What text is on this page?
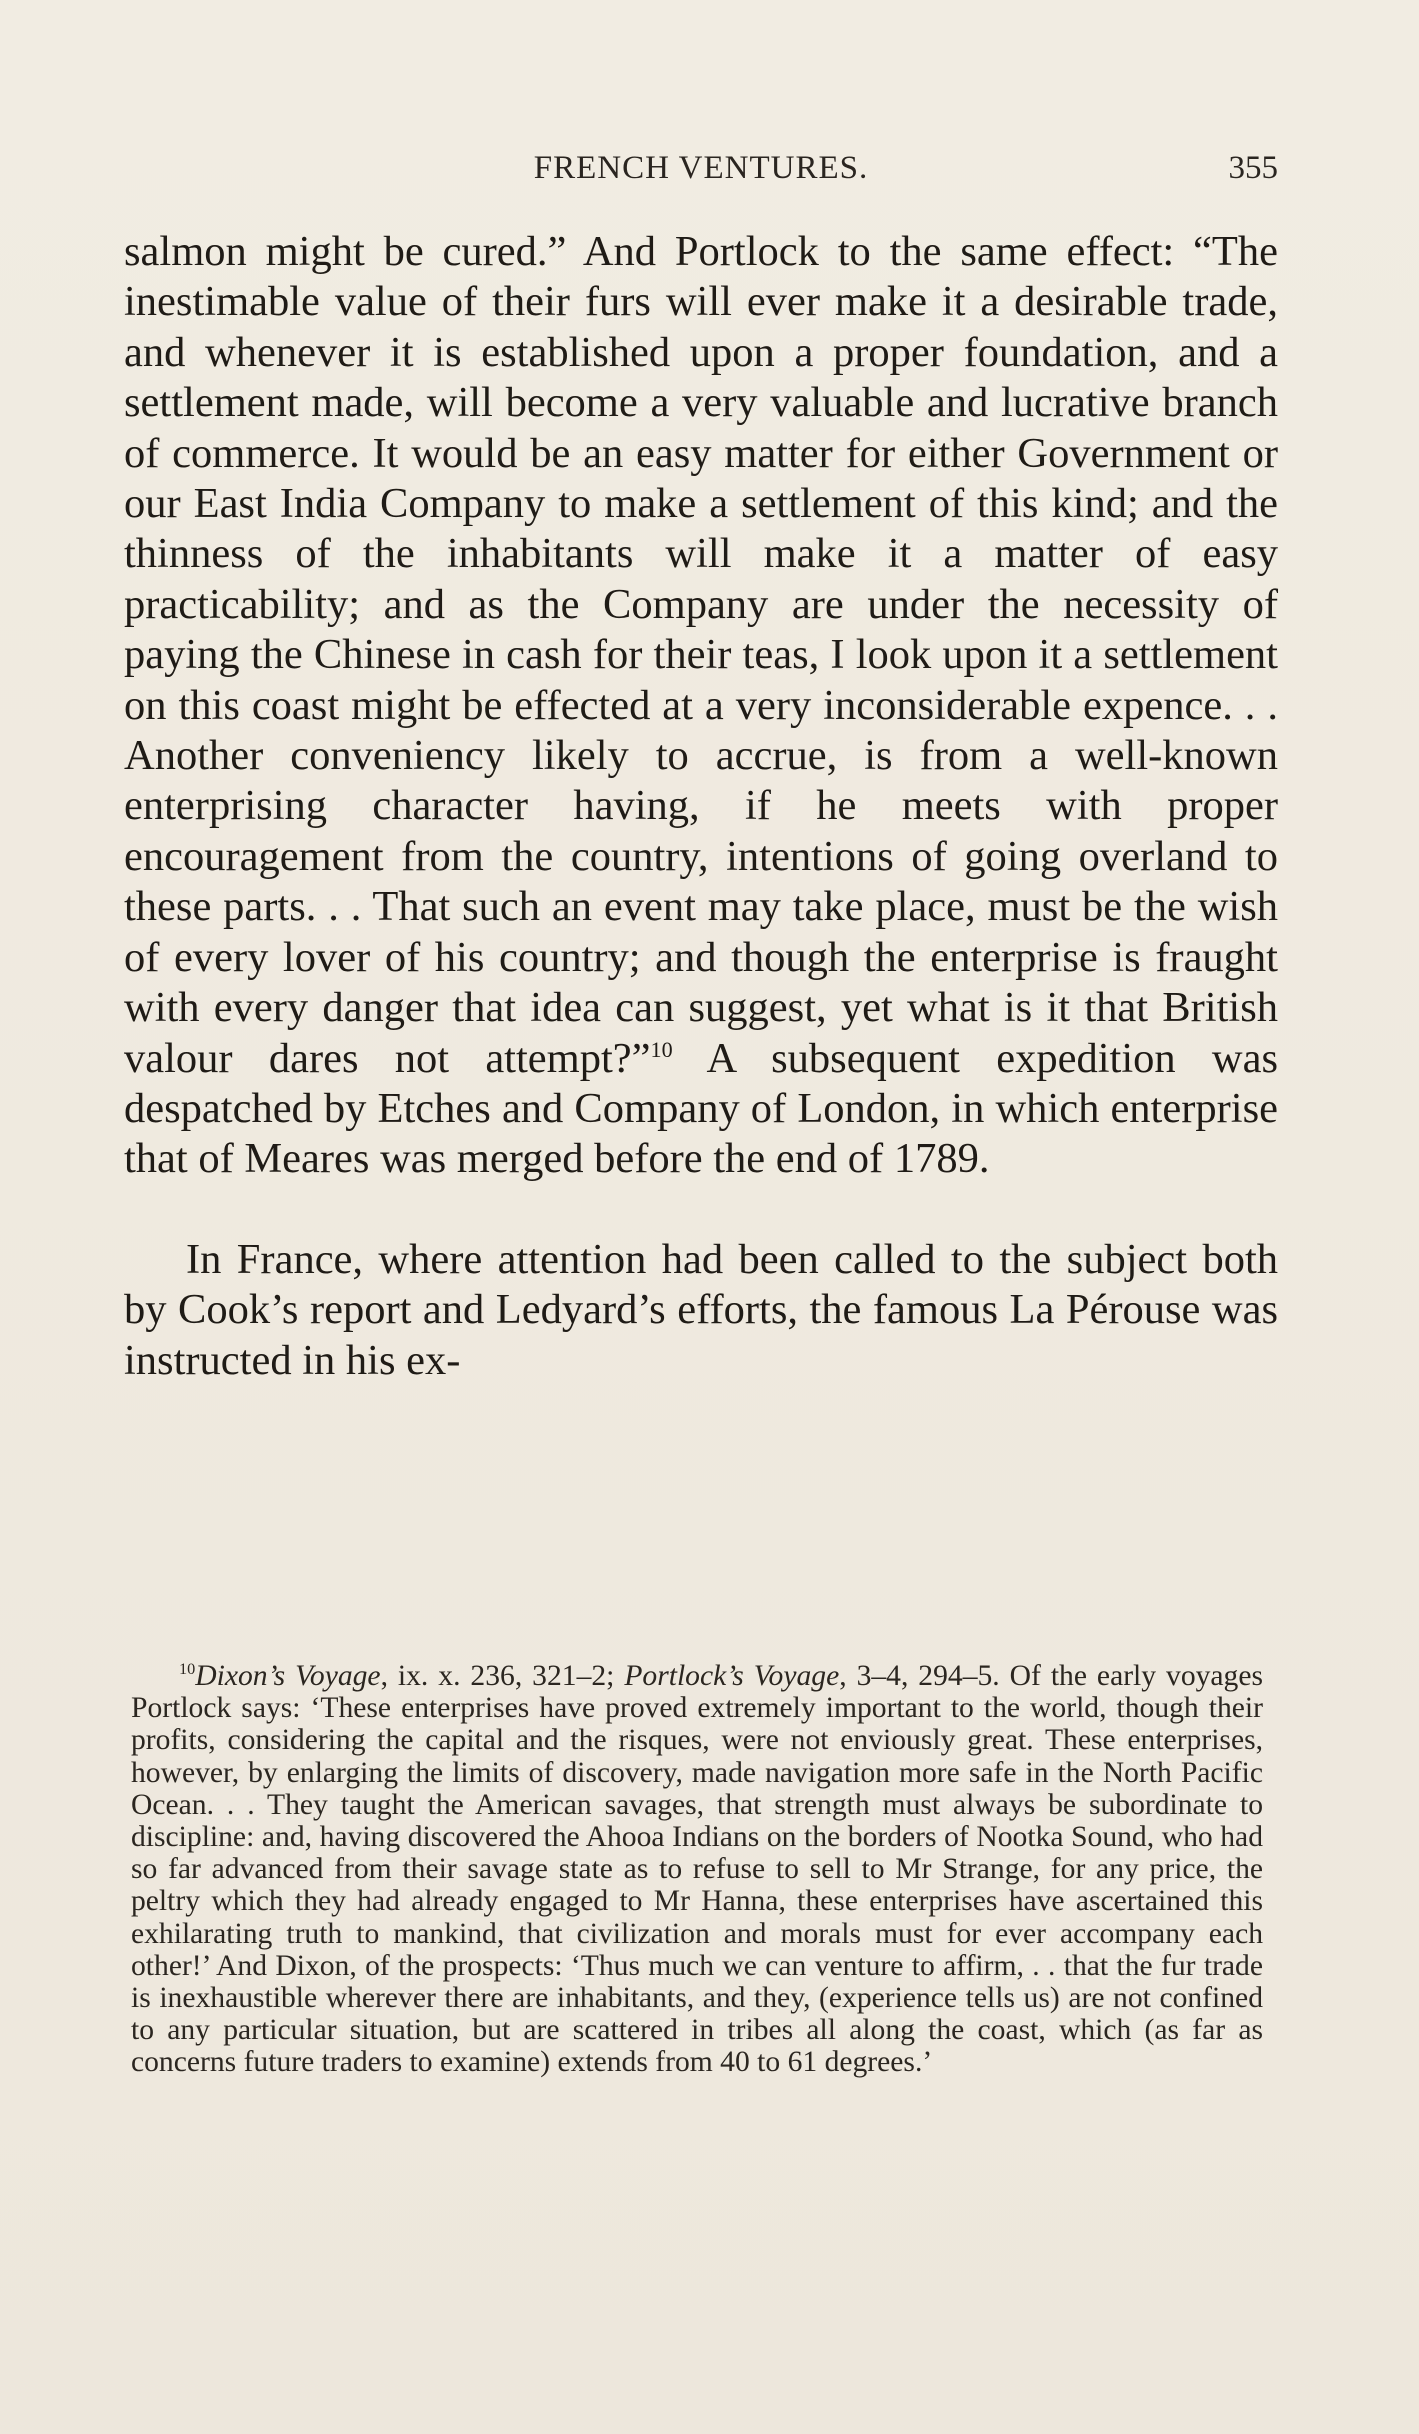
FRENCH VENTURES.	355

salmon might be cured.” And Portlock to the same effect: “The inestimable value of their furs will ever make it a desirable trade, and whenever it is established upon a proper foundation, and a settlement made, will become a very valuable and lucrative branch of commerce. It would be an easy matter for either Government or our East India Company to make a settlement of this kind; and the thinness of the inhabitants will make it a matter of easy practicability; and as the Company are under the necessity of paying the Chinese in cash for their teas, I look upon it a settlement on this coast might be effected at a very inconsiderable expence. . . Another conveniency likely to accrue, is from a well-known enterprising character having, if he meets with proper encouragement from the country, intentions of going overland to these parts. . . That such an event may take place, must be the wish of every lover of his country; and though the enterprise is fraught with every danger that idea can suggest, yet what is it that British valour dares not attempt?”$^{10}$ A subsequent expedition was despatched by Etches and Company of London, in which enterprise that of Meares was merged before the end of 1789.

In France, where attention had been called to the subject both by Cook’s report and Ledyard’s efforts, the famous La Pérouse was instructed in his ex-

$^{10}$Dixon’s Voyage, ix. x. 236, 321–2; Portlock’s Voyage, 3–4, 294–5. Of the early voyages Portlock says: ‘These enterprises have proved extremely important to the world, though their profits, considering the capital and the risques, were not enviously great. These enterprises, however, by enlarging the limits of discovery, made navigation more safe in the North Pacific Ocean. . . They taught the American savages, that strength must always be subordinate to discipline: and, having discovered the Ahooa Indians on the borders of Nootka Sound, who had so far advanced from their savage state as to refuse to sell to Mr Strange, for any price, the peltry which they had already engaged to Mr Hanna, these enterprises have ascertained this exhilarating truth to mankind, that civilization and morals must for ever accompany each other!’ And Dixon, of the prospects: ‘Thus much we can venture to affirm, . . that the fur trade is inexhaustible wherever there are inhabitants, and they, (experience tells us) are not confined to any particular situation, but are scattered in tribes all along the coast, which (as far as concerns future traders to examine) extends from 40 to 61 degrees.’
